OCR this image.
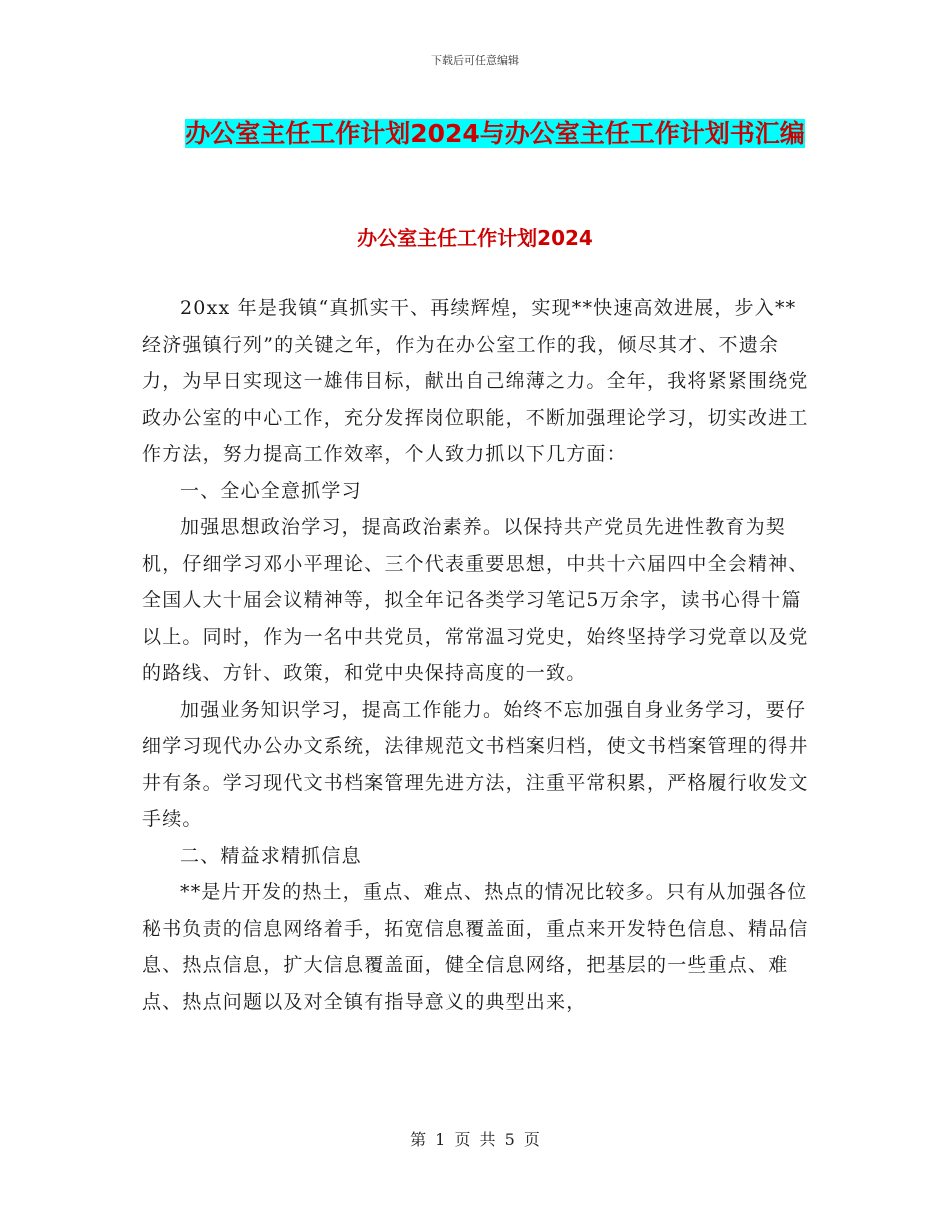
下载后可任意编辑
办公室主任工作计划2024与办公室主任工作计划书汇编
办公室主任工作计划2024

20xx 年是我镇“真抓实干、再续辉煌，实现**快速高效进展，步入**经济强镇行列”的关键之年，作为在办公室工作的我，倾尽其才、不遗余力，为早日实现这一雄伟目标，献出自己绵薄之力。全年，我将紧紧围绕党政办公室的中心工作，充分发挥岗位职能，不断加强理论学习，切实改进工作方法，努力提高工作效率，个人致力抓以下几方面：

一、全心全意抓学习

加强思想政治学习，提高政治素养。以保持共产党员先进性教育为契机，仔细学习邓小平理论、三个代表重要思想，中共十六届四中全会精神、全国人大十届会议精神等，拟全年记各类学习笔记5万余字，读书心得十篇以上。同时，作为一名中共党员，常常温习党史，始终坚持学习党章以及党的路线、方针、政策，和党中央保持高度的一致。

加强业务知识学习，提高工作能力。始终不忘加强自身业务学习，要仔细学习现代办公办文系统，法律规范文书档案归档，使文书档案管理的得井井有条。学习现代文书档案管理先进方法，注重平常积累，严格履行收发文手续。

二、精益求精抓信息

**是片开发的热土，重点、难点、热点的情况比较多。只有从加强各位秘书负责的信息网络着手，拓宽信息覆盖面，重点来开发特色信息、精品信息、热点信息，扩大信息覆盖面，健全信息网络，把基层的一些重点、难点、热点问题以及对全镇有指导意义的典型出来，

第 1 页 共 5 页
